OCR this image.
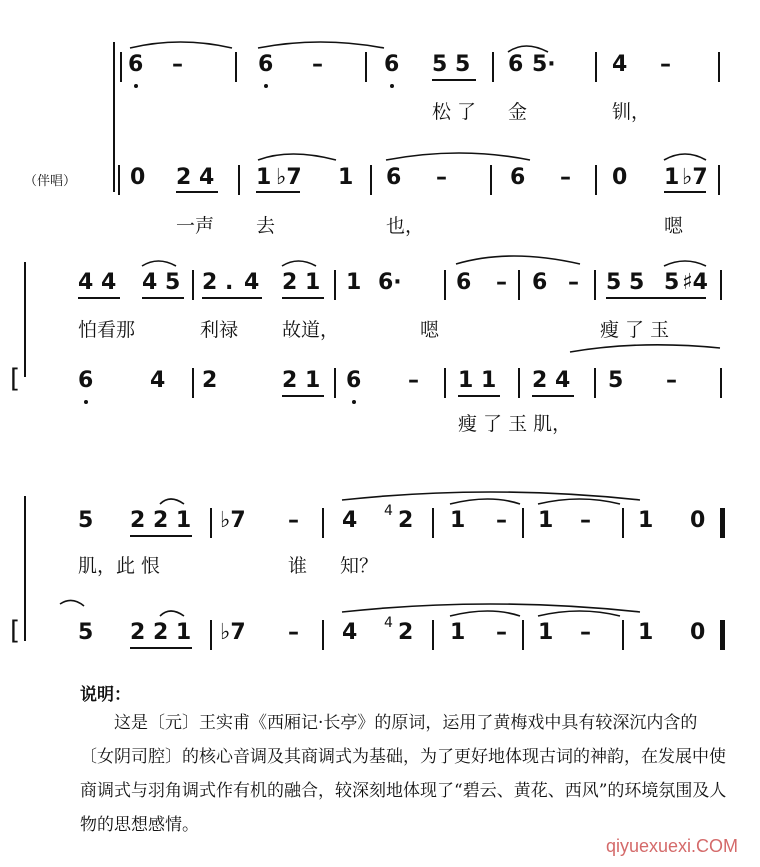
（伴唱）
6 –	6 –	6 5 5 6 5·	4 –
松 了 金	钏，
0 2 4 1 ♭7 1 6 –	6 – 0 1 ♭7
一声 去	也，	嗯
4 4 4 5 2 . 4 2 1 1 6· 6 – 6 – 5 5 5 ♯4
怕看那	利禄 故道，	嗯	瘦 了 玉
[	6	4 2	2 1 6 – 1 1 2 4 5 –
瘦 了 玉 肌，
5 2 2 1 ♭7 – 4 2 1 – 1 – 1 0
4
肌，此 恨	谁 知？
[	5 2 2 1 ♭7 – 4 2 1 – 1 – 1 0
4
说明：
这是〔元〕王实甫《西厢记·长亭》的原词，运用了黄梅戏中具有较深沉内含的〔女阴司腔〕的核心音调及其商调式为基础，为了更好地体现古词的神韵，在发展中使商调式与羽角调式作有机的融合，较深刻地体现了“碧云、黄花、西风”的环境氛围及人物的思想感情。
qiyuexuexi.COM
